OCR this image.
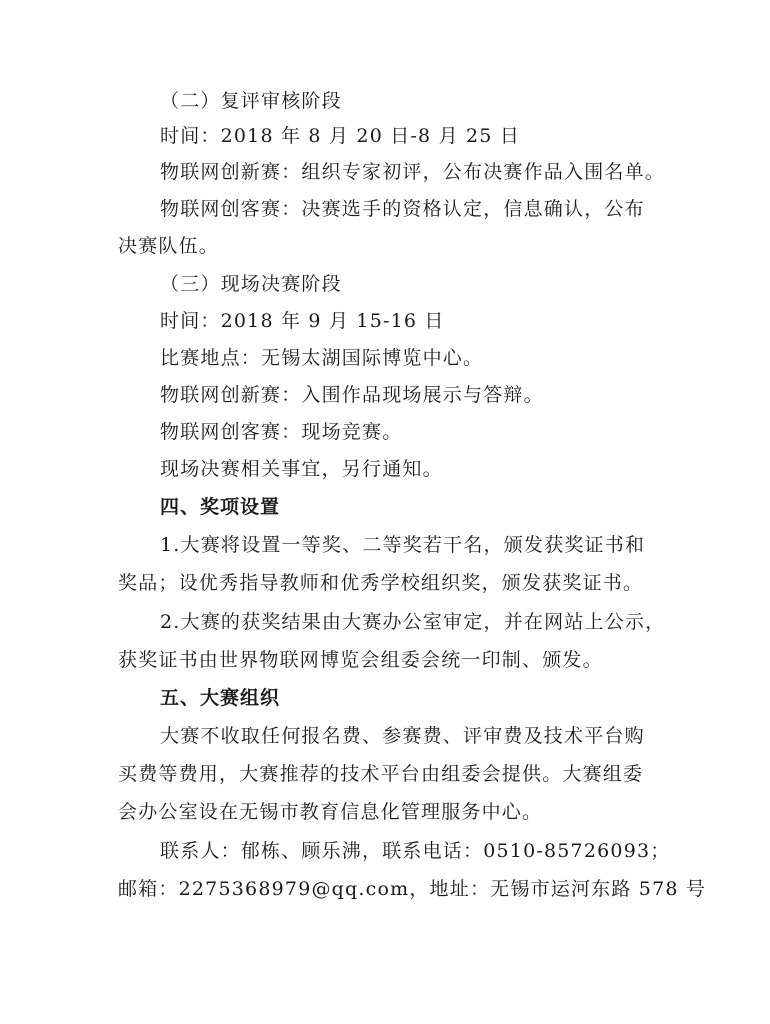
（二）复评审核阶段
时间：2018 年 8 月 20 日-8 月 25 日
物联网创新赛：组织专家初评，公布决赛作品入围名单。
物联网创客赛：决赛选手的资格认定，信息确认，公布
决赛队伍。
（三）现场决赛阶段
时间：2018 年 9 月 15-16 日
比赛地点：无锡太湖国际博览中心。
物联网创新赛：入围作品现场展示与答辩。
物联网创客赛：现场竞赛。
现场决赛相关事宜，另行通知。
四、奖项设置
1.大赛将设置一等奖、二等奖若干名，颁发获奖证书和
奖品；设优秀指导教师和优秀学校组织奖，颁发获奖证书。
2.大赛的获奖结果由大赛办公室审定，并在网站上公示，
获奖证书由世界物联网博览会组委会统一印制、颁发。
五、大赛组织
大赛不收取任何报名费、参赛费、评审费及技术平台购
买费等费用，大赛推荐的技术平台由组委会提供。大赛组委
会办公室设在无锡市教育信息化管理服务中心。
联系人：郁栋、顾乐沸，联系电话：0510-85726093；
邮箱：2275368979@qq.com，地址：无锡市运河东路 578 号
